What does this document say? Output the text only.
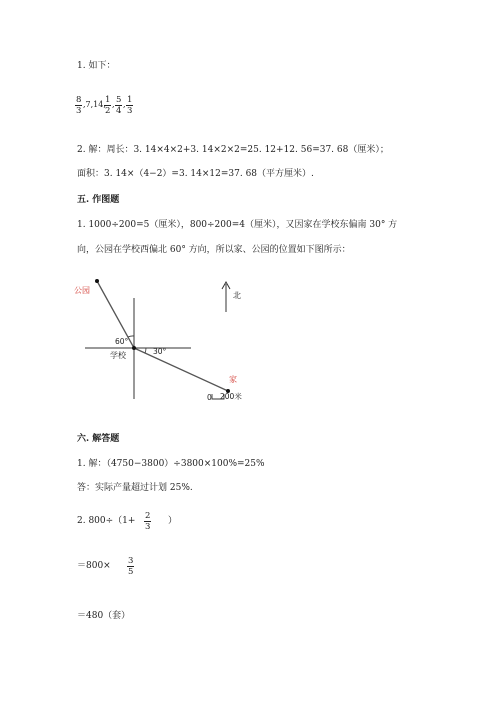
1. 如下：
$\frac{8}{3} ,7,14$,
$\frac{1}{2}$ , $\frac{5}{4}$ , $\frac{1}{3}$
2. 解：周长：3. 14×4×2+3. 14×2×2=25. 12+12. 56=37. 68（厘米）；
面积：3. 14×（4−2）=3. 14×12=37. 68（平方厘米）.
五. 作图题
1. 1000÷200=5（厘米），800÷200=4（厘米），又因家在学校东偏南 30° 方
向，公园在学校西偏北 60° 方向，所以家、公园的位置如下图所示：
公园
家
学校
北
60°
30°
0 200米
六. 解答题
1. 解：（4750−3800）÷3800×100%=25%
答：实际产量超过计划 25%.
2. $800\div(1+ \frac{2}{3}$ ）
$=800\times \frac{3}{5}$
＝480（套）
